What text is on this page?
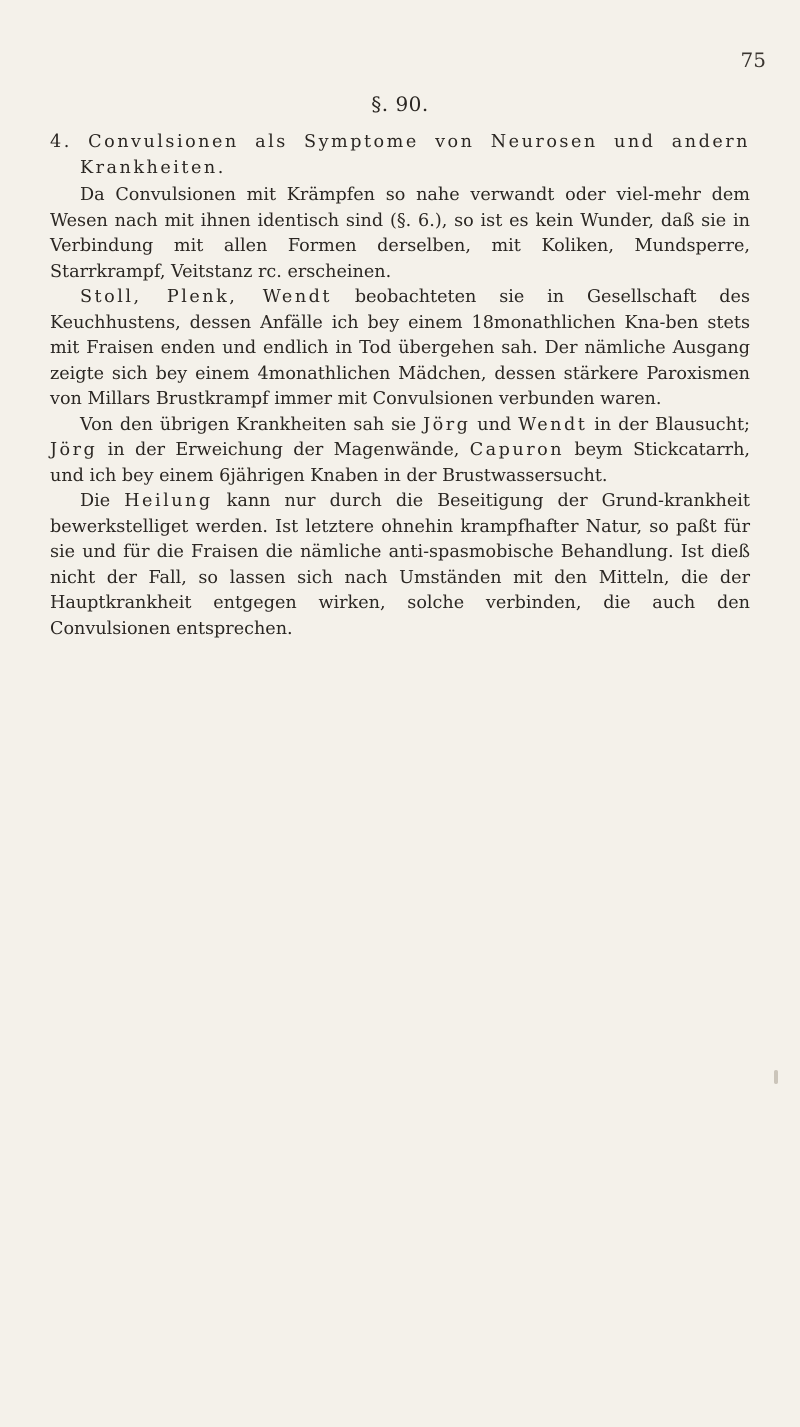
75
§. 90.

4. Convulsionen als Symptome von Neurosen und andern Krankheiten.

Da Convulsionen mit Krämpfen so nahe verwandt oder viel-mehr dem Wesen nach mit ihnen identisch sind (§. 6.), so ist es kein Wunder, daß sie in Verbindung mit allen Formen derselben, mit Koliken, Mundsperre, Starrkrampf, Veitstanz rc. erscheinen.

Stoll, Plenk, Wendt beobachteten sie in Gesellschaft des Keuchhustens, dessen Anfälle ich bey einem 18monathlichen Kna-ben stets mit Fraisen enden und endlich in Tod übergehen sah. Der nämliche Ausgang zeigte sich bey einem 4monathlichen Mädchen, dessen stärkere Paroxismen von Millars Brustkrampf immer mit Convulsionen verbunden waren.

Von den übrigen Krankheiten sah sie Jörg und Wendt in der Blausucht; Jörg in der Erweichung der Magenwände, Capuron beym Stickcatarrh, und ich bey einem 6jährigen Knaben in der Brustwassersucht.

Die Heilung kann nur durch die Beseitigung der Grund-krankheit bewerkstelliget werden. Ist letztere ohnehin krampfhafter Natur, so paßt für sie und für die Fraisen die nämliche anti-spasmobische Behandlung. Ist dieß nicht der Fall, so lassen sich nach Umständen mit den Mitteln, die der Hauptkrankheit entgegen wirken, solche verbinden, die auch den Convulsionen entsprechen.
